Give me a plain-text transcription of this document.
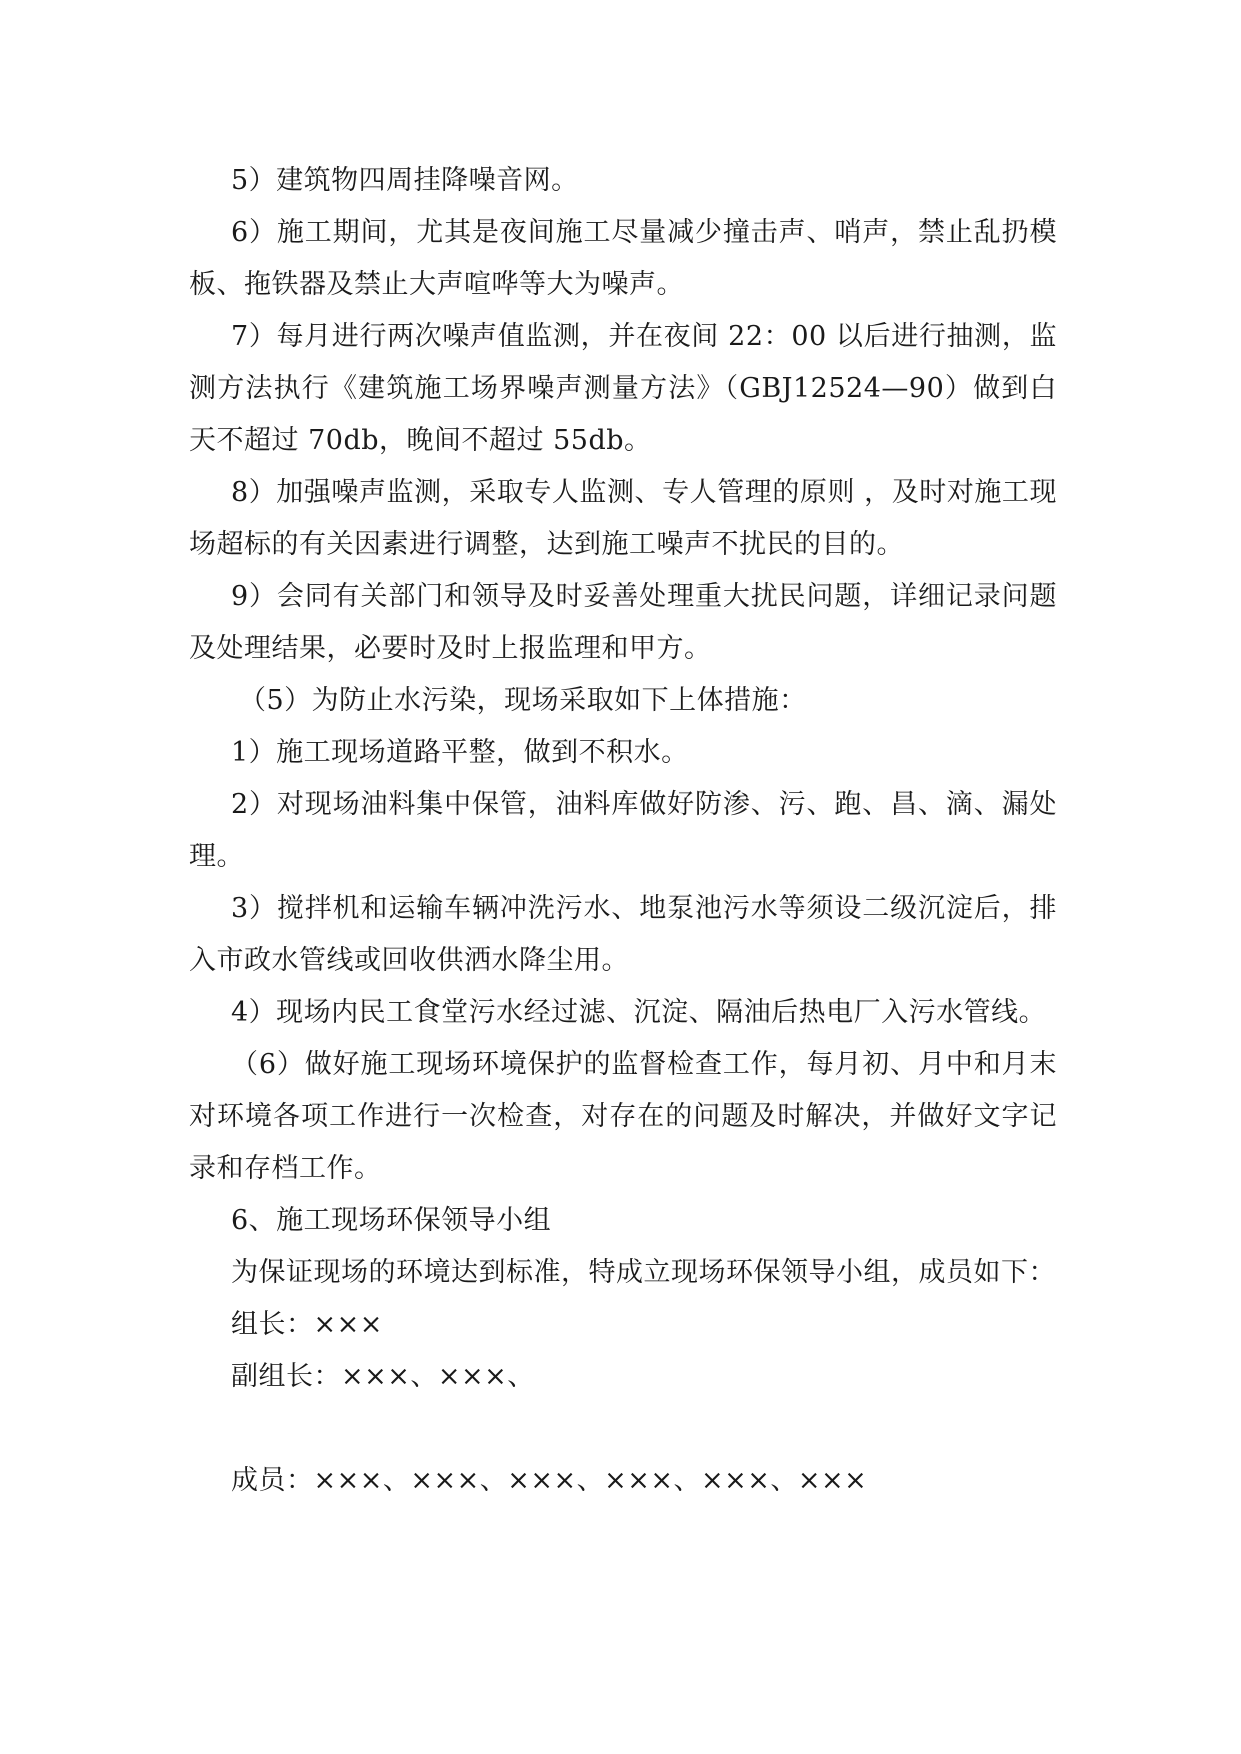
5）建筑物四周挂降噪音网。

6）施工期间，尤其是夜间施工尽量减少撞击声、哨声，禁止乱扔模板、拖铁器及禁止大声喧哗等大为噪声。

7）每月进行两次噪声值监测，并在夜间 22：00 以后进行抽测，监测方法执行《建筑施工场界噪声测量方法》（GBJ12524—90）做到白天不超过 70db，晚间不超过 55db。

8）加强噪声监测，采取专人监测、专人管理的原则 ，及时对施工现场超标的有关因素进行调整，达到施工噪声不扰民的目的。

9）会同有关部门和领导及时妥善处理重大扰民问题，详细记录问题及处理结果，必要时及时上报监理和甲方。

（5）为防止水污染，现场采取如下上体措施：

1）施工现场道路平整，做到不积水。

2）对现场油料集中保管，油料库做好防渗、污、跑、昌、滴、漏处理。

3）搅拌机和运输车辆冲洗污水、地泵池污水等须设二级沉淀后，排入市政水管线或回收供洒水降尘用。

4）现场内民工食堂污水经过滤、沉淀、隔油后热电厂入污水管线。

（6）做好施工现场环境保护的监督检查工作，每月初、月中和月末对环境各项工作进行一次检查，对存在的问题及时解决，并做好文字记录和存档工作。

6、施工现场环保领导小组

为保证现场的环境达到标准，特成立现场环保领导小组，成员如下：

组长：×××

副组长：×××、×××、

成员：×××、×××、×××、×××、×××、×××
